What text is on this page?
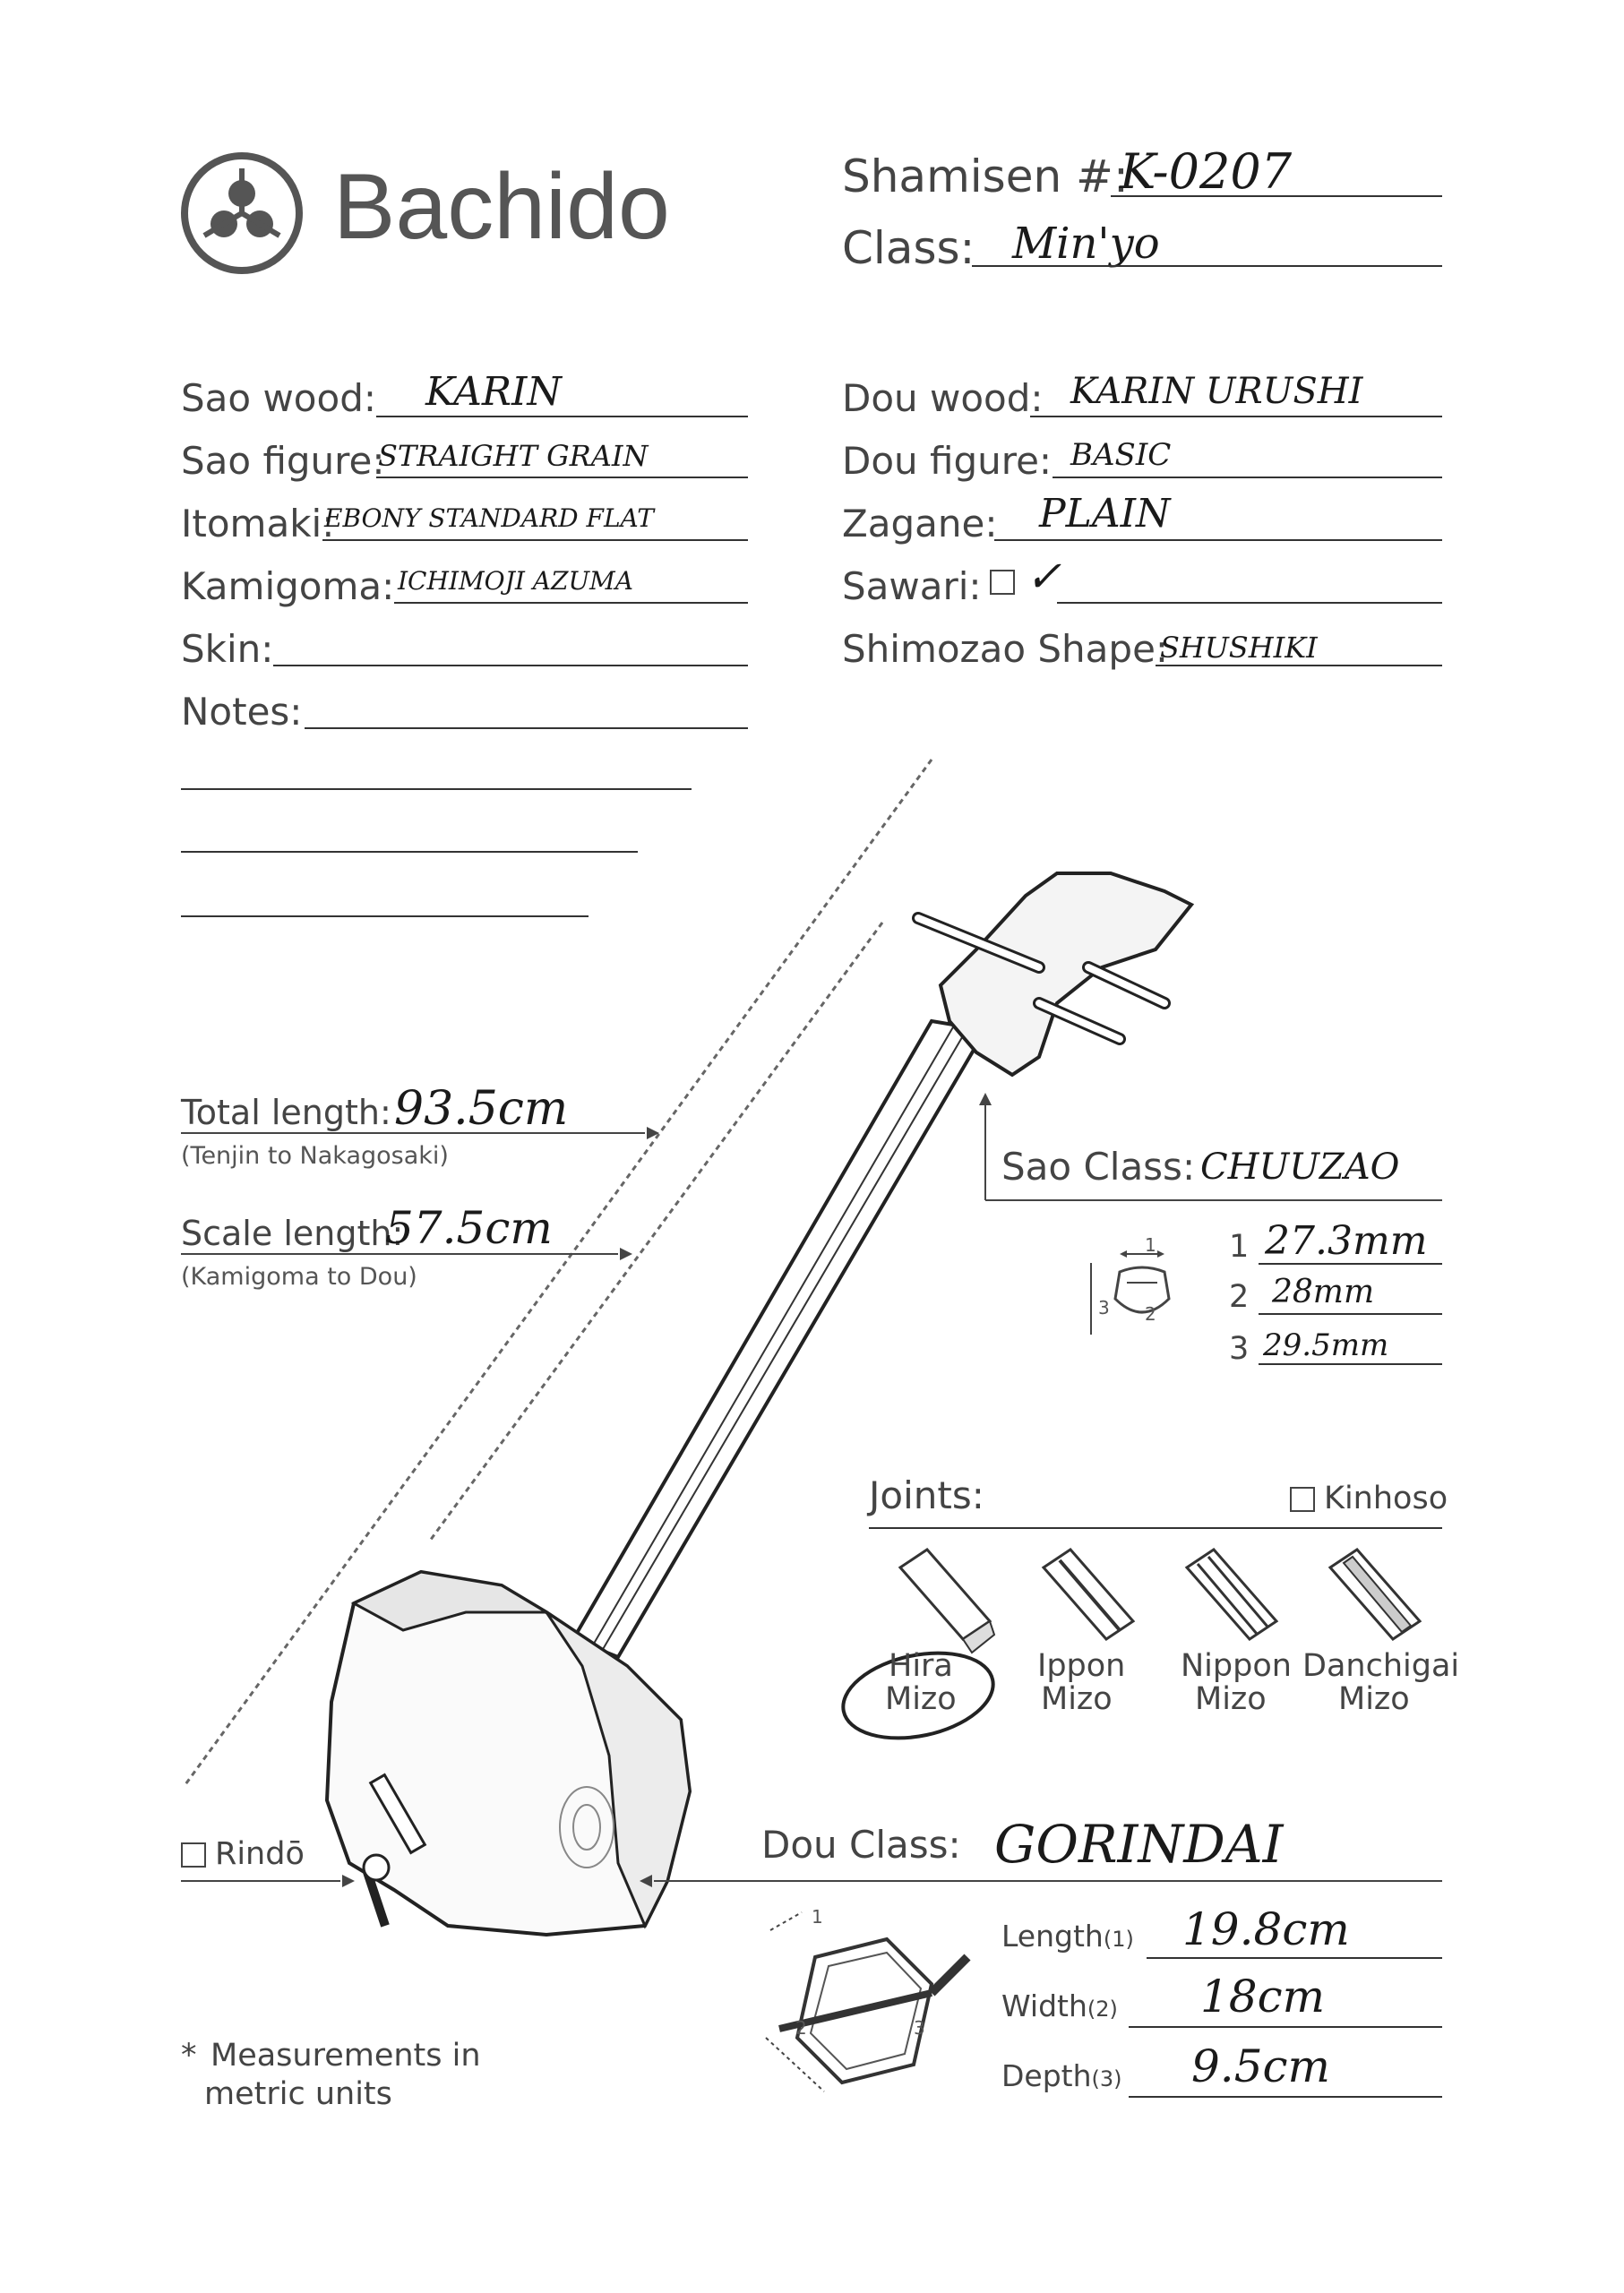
Bachido	Shamisen #:
K-0207
Class: Min'yo
Sao wood: KARIN
Sao figure:
STRAIGHT GRAIN
Itomaki:
EBONY STANDARD FLAT
Kamigoma: ICHIMOJI AZUMA
Skin:
Notes:
Dou wood: KARIN URUSHI
Dou figure: BASIC
Zagane: PLAIN
Sawari: ✓
Shimozao Shape:
SHUSHIKI
Total length: 93.5cm
(Tenjin to Nakagosaki)
Scale length:
57.5cm
(Kamigoma to Dou)
Sao Class: CHUUZAO
1
2
3
1 27.3mm
2 28mm
3 29.5mm
Joints:	Kinhoso
Hira
Mizo
Ippon
Mizo
Nippon
Mizo
Danchigai
Mizo
Rindō	Dou Class: GORINDAI
1
2	3
Length(1) 19.8cm
Width(2) 18cm
Depth(3) 9.5cm
* Measurements in
metric units
